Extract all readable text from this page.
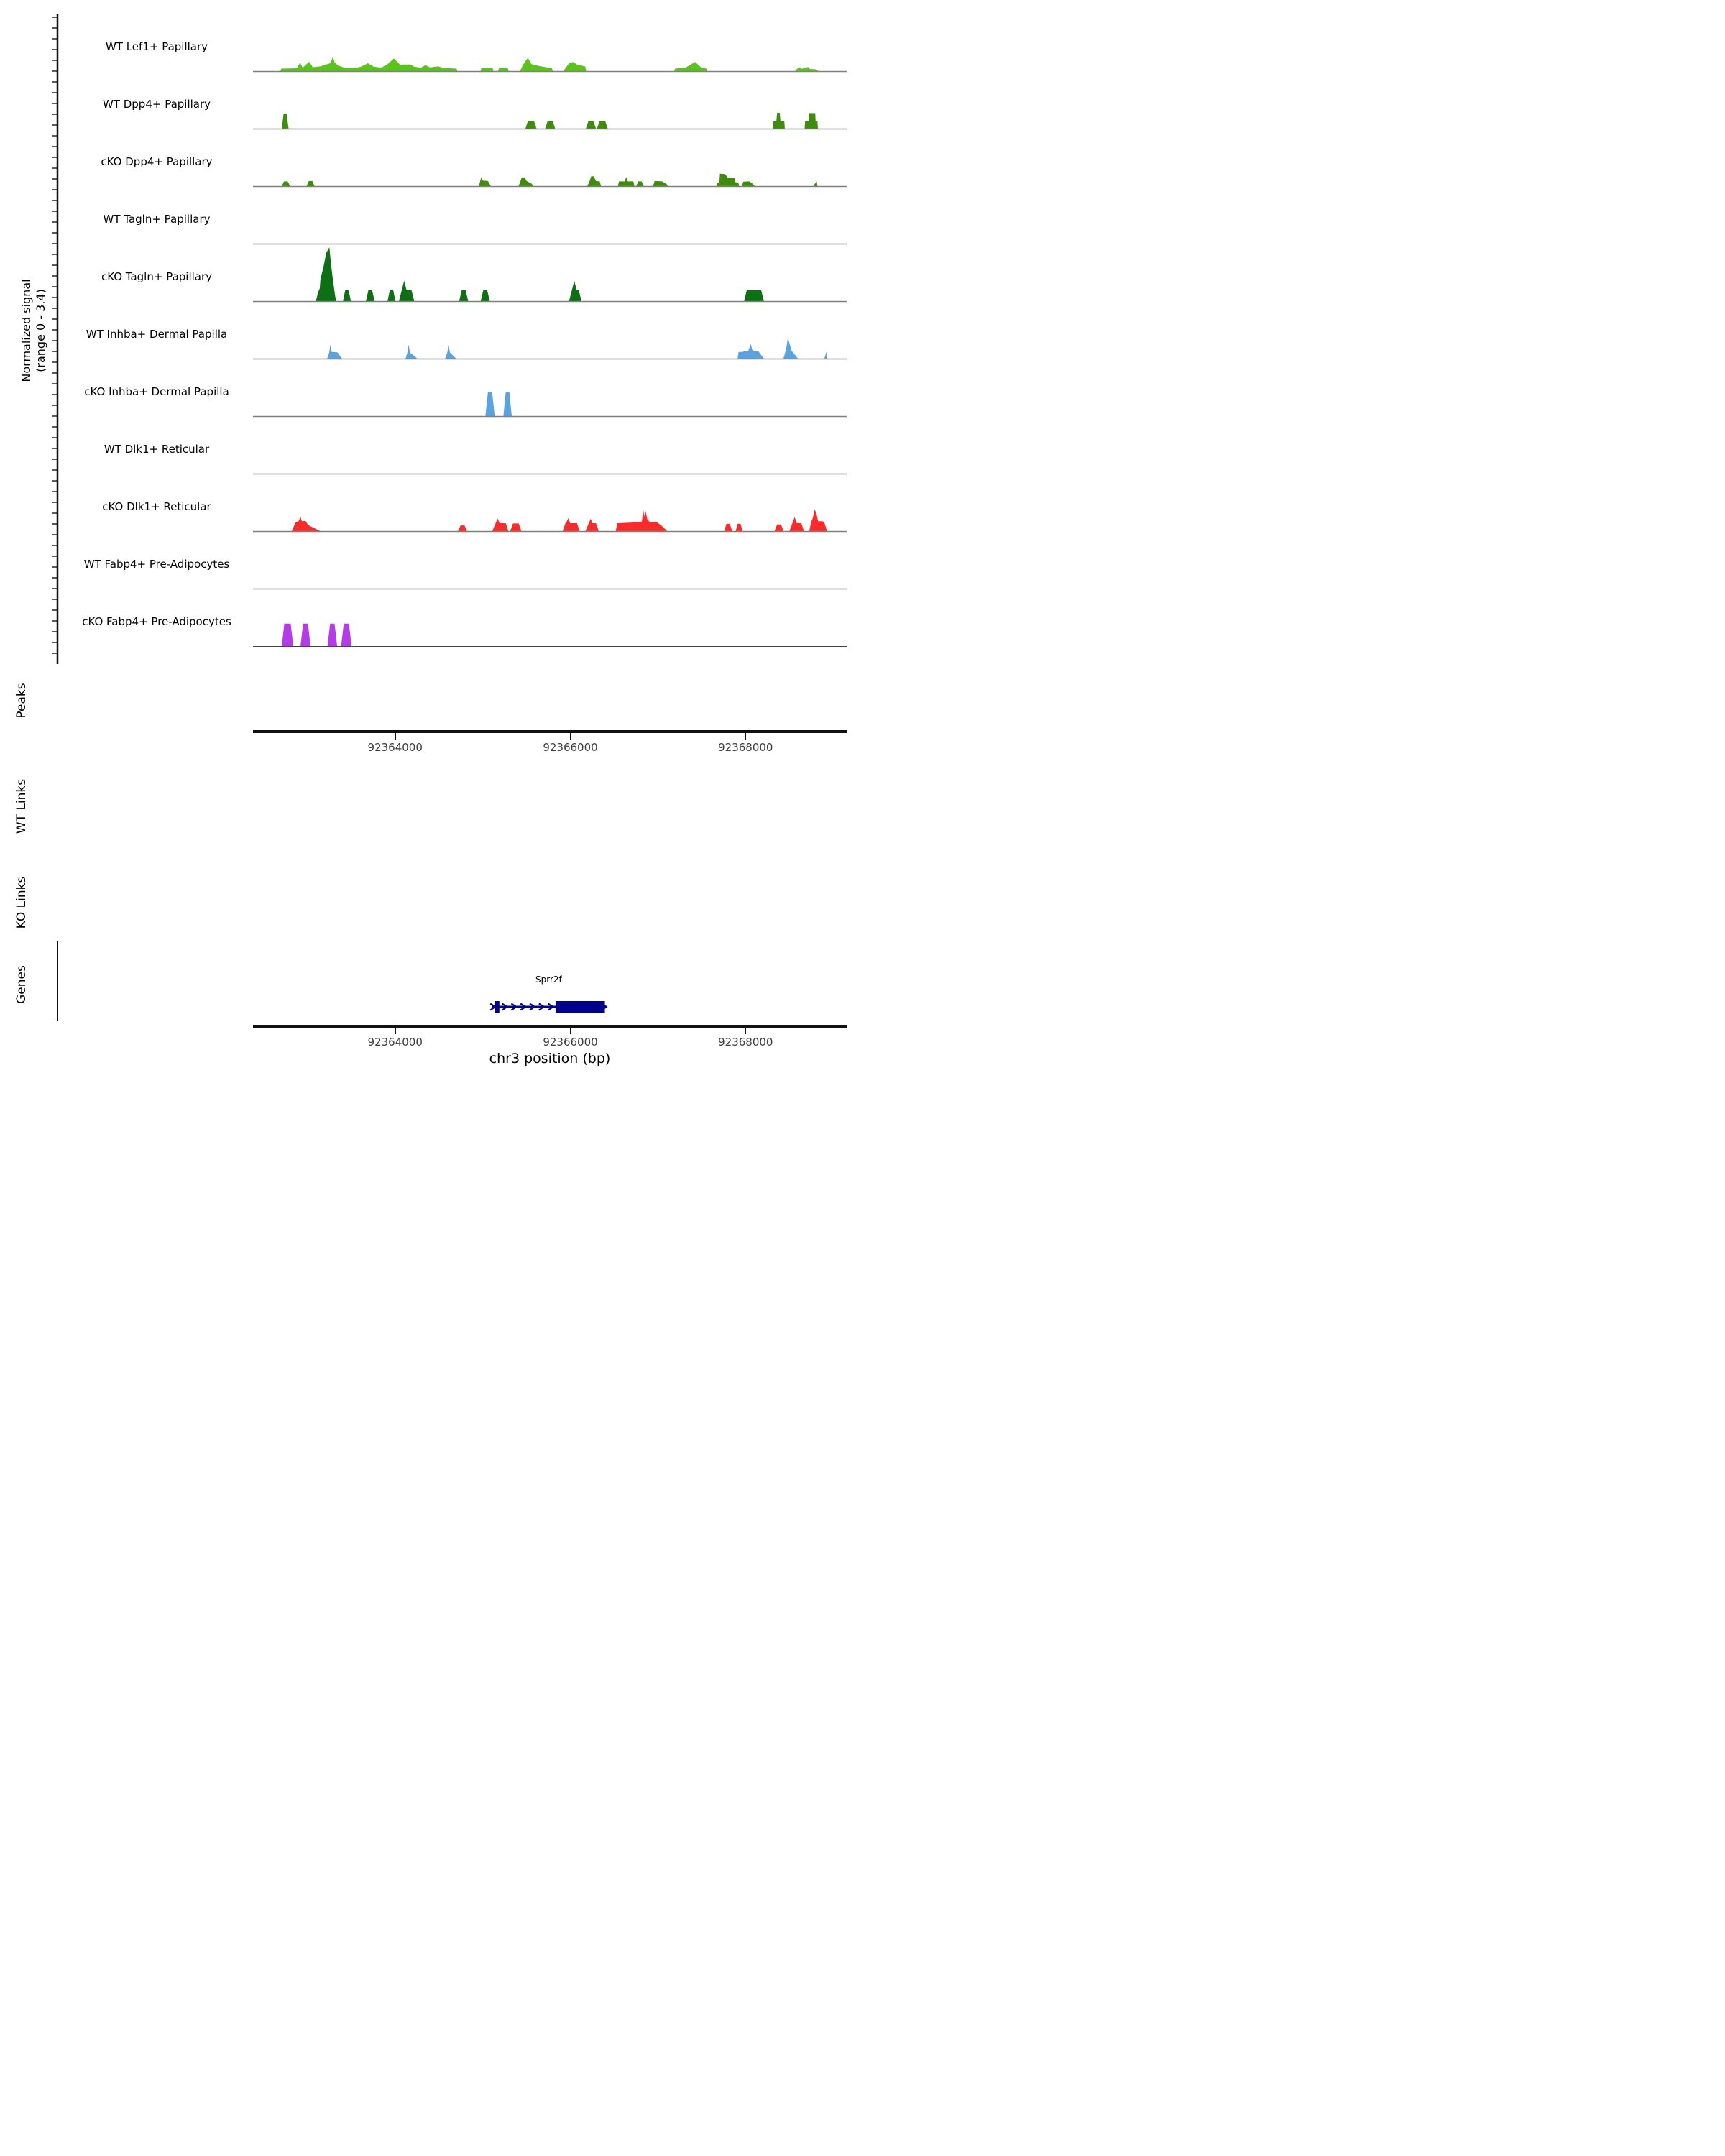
Normalized signal (range 0 - 3.4)
WT Lef1+ Papillary
WT Dpp4+ Papillary
cKO Dpp4+ Papillary
WT Tagln+ Papillary
cKO Tagln+ Papillary
WT Inhba+ Dermal Papilla
cKO Inhba+ Dermal Papilla
WT Dlk1+ Reticular
cKO Dlk1+ Reticular
WT Fabp4+ Pre-Adipocytes
cKO Fabp4+ Pre-Adipocytes
92364000	92366000	92368000
Peaks
WT Links
KO Links
Genes	Sprr2f
92364000	92366000	92368000
chr3 position (bp)
